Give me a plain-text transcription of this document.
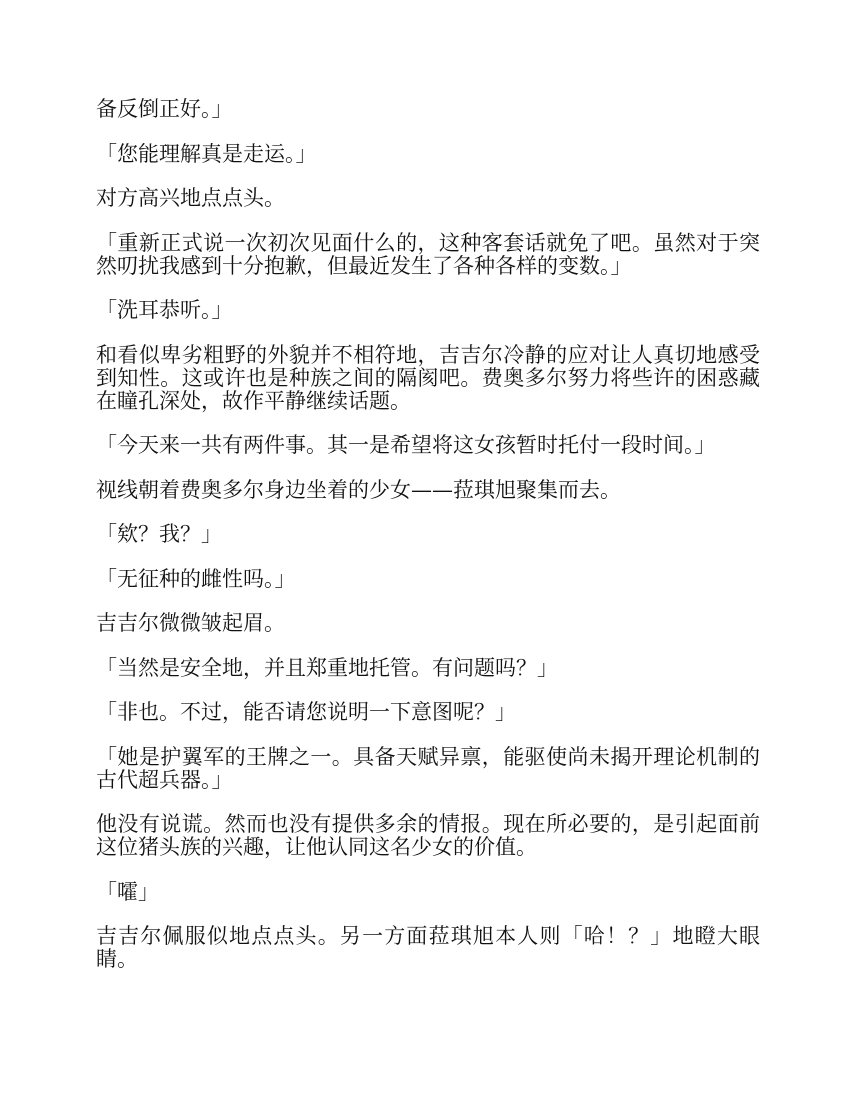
备反倒正好。」

「您能理解真是走运。」

对方高兴地点点头。

「重新正式说一次初次见面什么的，这种客套话就免了吧。虽然对于突然叨扰我感到十分抱歉，但最近发生了各种各样的变数。」

「洗耳恭听。」

和看似卑劣粗野的外貌并不相符地，吉吉尔冷静的应对让人真切地感受到知性。这或许也是种族之间的隔阂吧。费奥多尔努力将些许的困惑藏在瞳孔深处，故作平静继续话题。

「今天来一共有两件事。其一是希望将这女孩暂时托付一段时间。」

视线朝着费奥多尔身边坐着的少女——菈琪旭聚集而去。

「欸？我？」

「无征种的雌性吗。」

吉吉尔微微皱起眉。

「当然是安全地，并且郑重地托管。有问题吗？」

「非也。不过，能否请您说明一下意图呢？」

「她是护翼军的王牌之一。具备天赋异禀，能驱使尚未揭开理论机制的古代超兵器。」

他没有说谎。然而也没有提供多余的情报。现在所必要的，是引起面前这位猪头族的兴趣，让他认同这名少女的价值。

「嚯」

吉吉尔佩服似地点点头。另一方面菈琪旭本人则「哈！？」地瞪大眼睛。
